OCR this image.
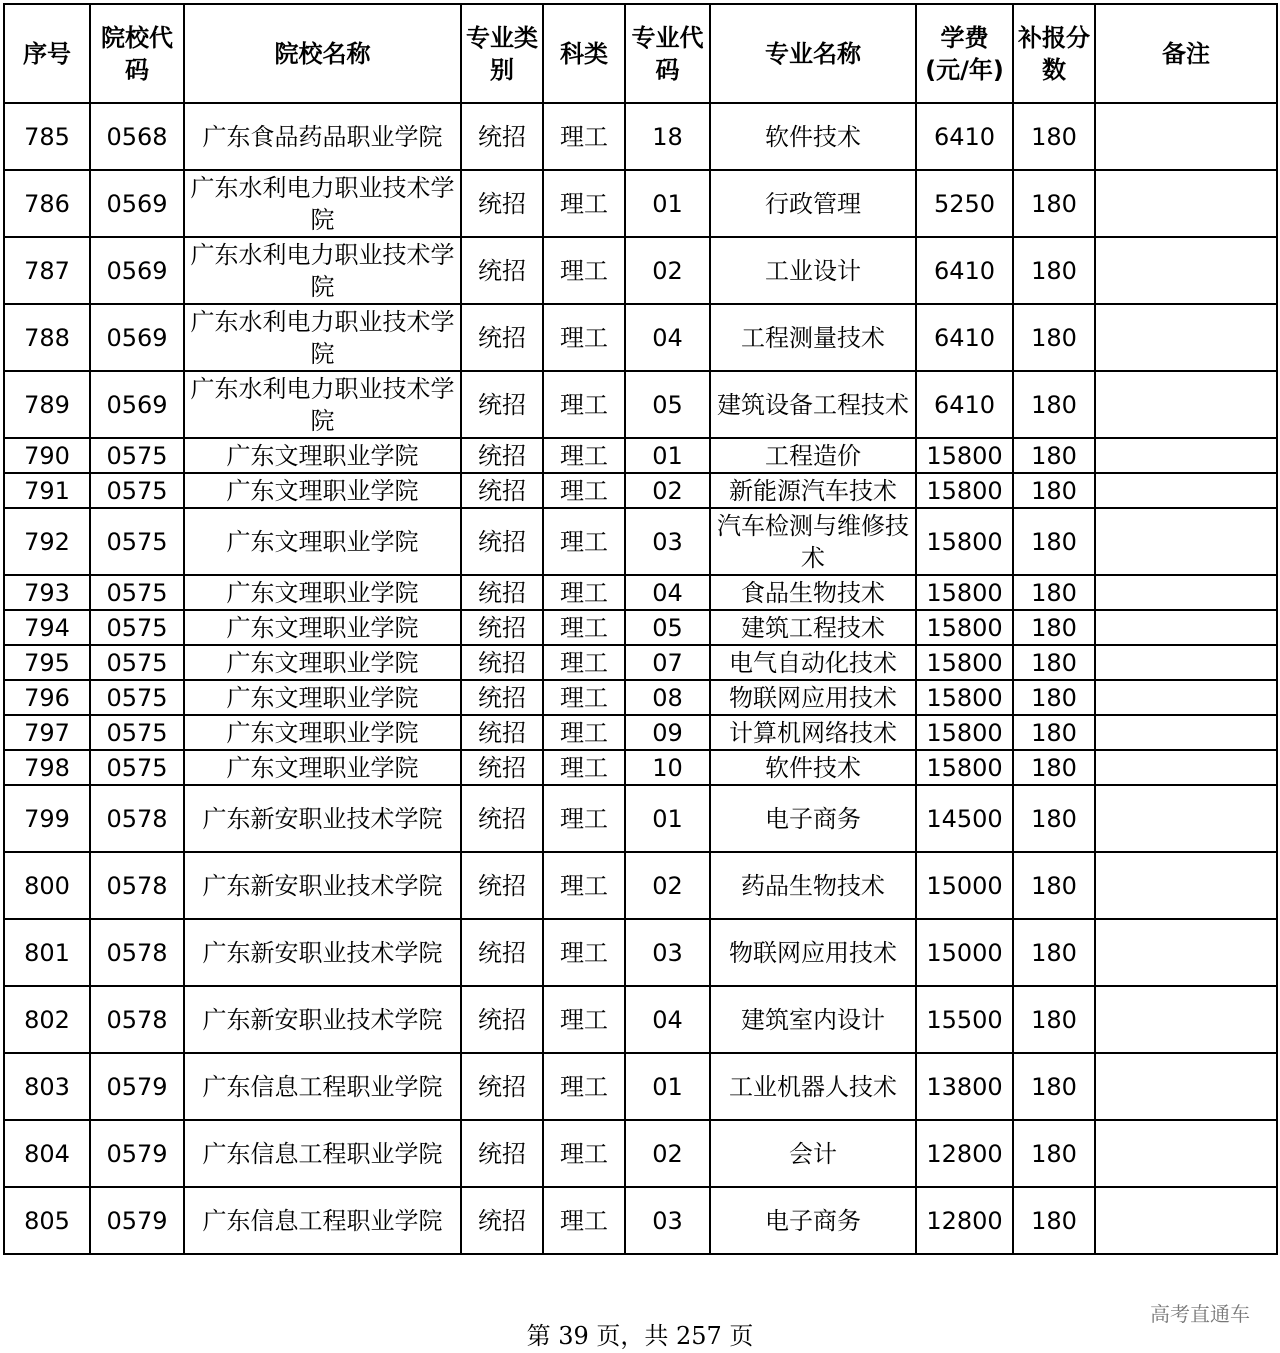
序号	院校代码	院校名称	专业类别	科类	专业代码	专业名称	学费(元/年)	补报分数	备注
785	0568	广东食品药品职业学院	统招	理工	18	软件技术	6410	180	
786	0569	广东水利电力职业技术学院	统招	理工	01	行政管理	5250	180	
787	0569	广东水利电力职业技术学院	统招	理工	02	工业设计	6410	180	
788	0569	广东水利电力职业技术学院	统招	理工	04	工程测量技术	6410	180	
789	0569	广东水利电力职业技术学院	统招	理工	05	建筑设备工程技术	6410	180	
790	0575	广东文理职业学院	统招	理工	01	工程造价	15800	180	
791	0575	广东文理职业学院	统招	理工	02	新能源汽车技术	15800	180	
792	0575	广东文理职业学院	统招	理工	03	汽车检测与维修技术	15800	180	
793	0575	广东文理职业学院	统招	理工	04	食品生物技术	15800	180	
794	0575	广东文理职业学院	统招	理工	05	建筑工程技术	15800	180	
795	0575	广东文理职业学院	统招	理工	07	电气自动化技术	15800	180	
796	0575	广东文理职业学院	统招	理工	08	物联网应用技术	15800	180	
797	0575	广东文理职业学院	统招	理工	09	计算机网络技术	15800	180	
798	0575	广东文理职业学院	统招	理工	10	软件技术	15800	180	
799	0578	广东新安职业技术学院	统招	理工	01	电子商务	14500	180	
800	0578	广东新安职业技术学院	统招	理工	02	药品生物技术	15000	180	
801	0578	广东新安职业技术学院	统招	理工	03	物联网应用技术	15000	180	
802	0578	广东新安职业技术学院	统招	理工	04	建筑室内设计	15500	180	
803	0579	广东信息工程职业学院	统招	理工	01	工业机器人技术	13800	180	
804	0579	广东信息工程职业学院	统招	理工	02	会计	12800	180	
805	0579	广东信息工程职业学院	统招	理工	03	电子商务	12800	180	
第 39 页，共 257 页
高考直通车
